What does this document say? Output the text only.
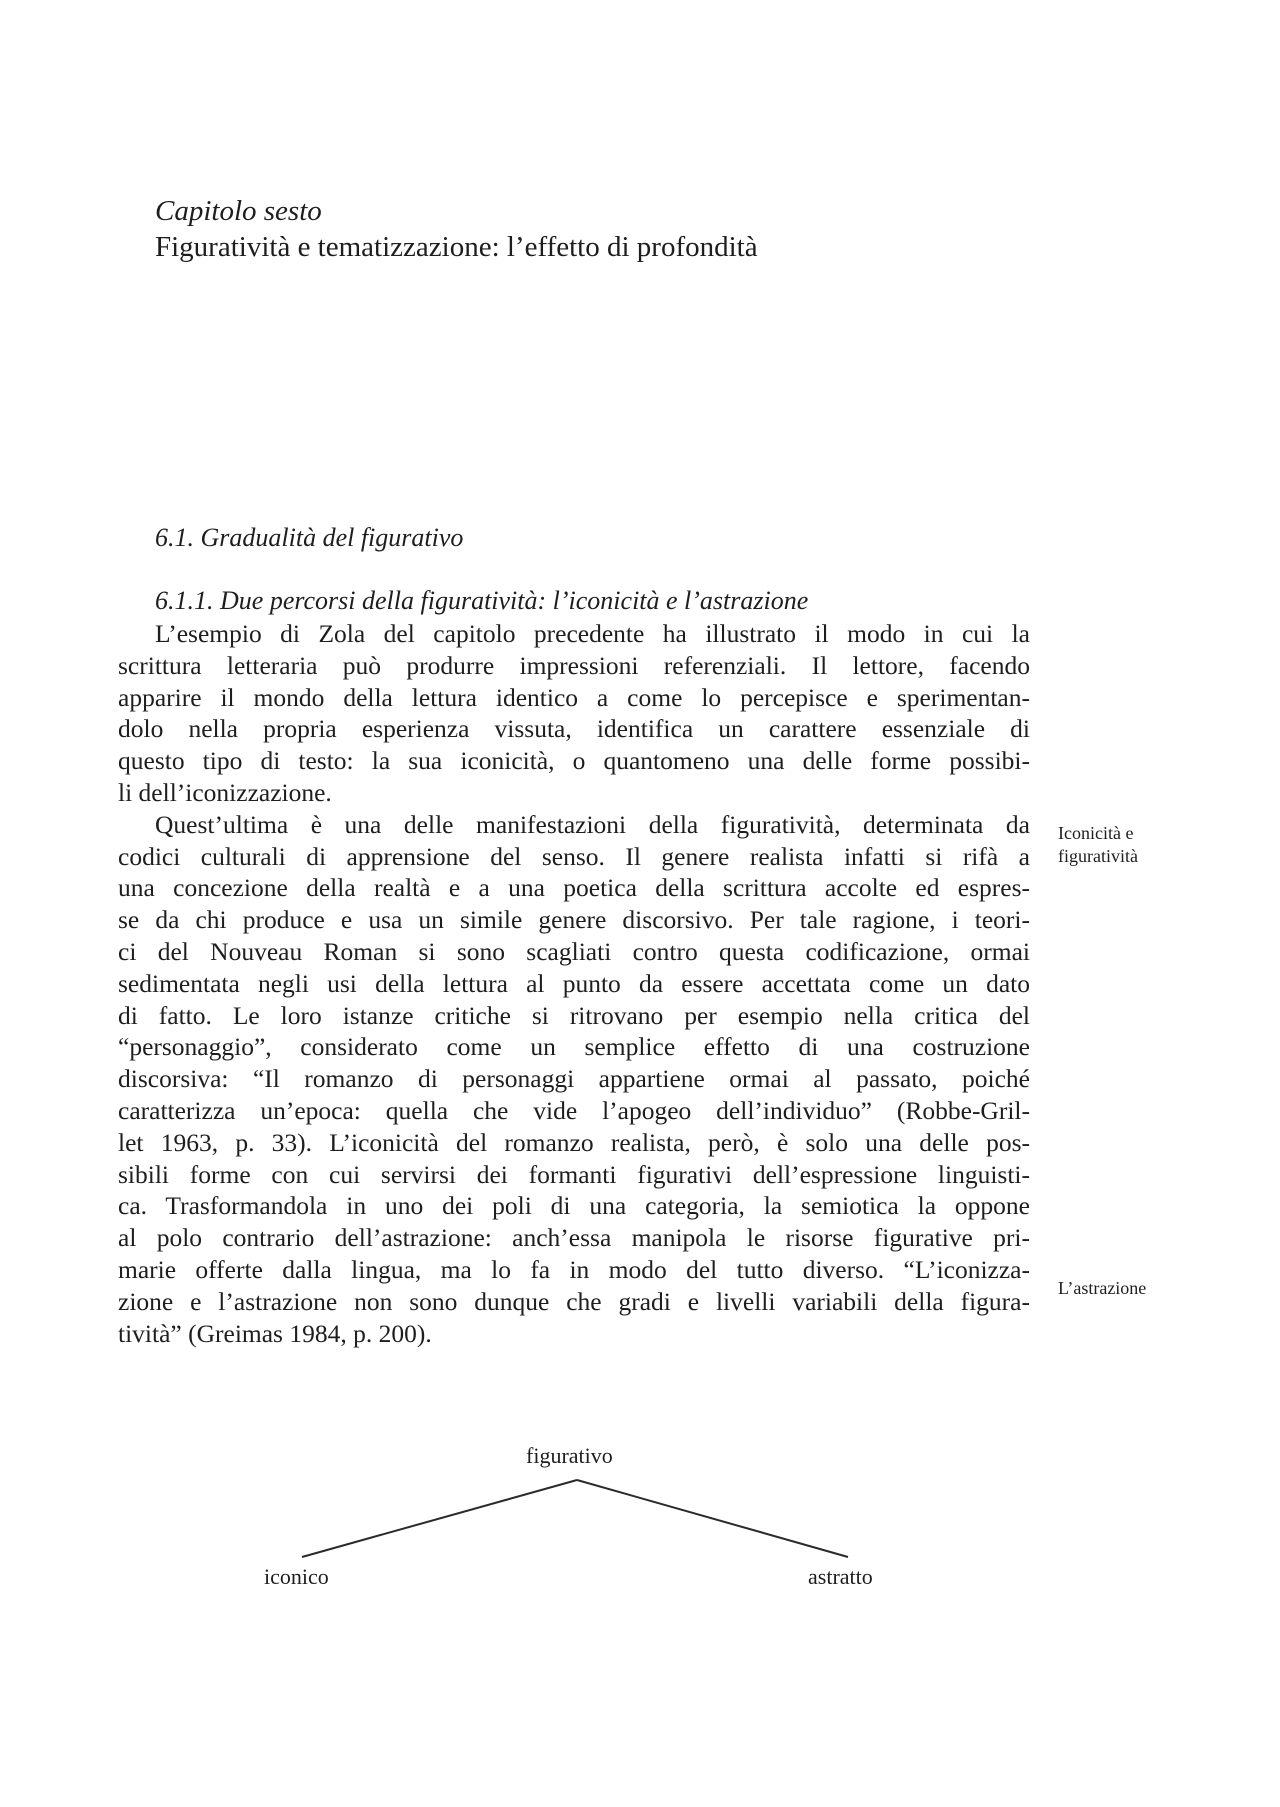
Capitolo sesto
Figuratività e tematizzazione: l’effetto di profondità
6.1. Gradualità del figurativo
6.1.1. Due percorsi della figuratività: l’iconicità e l’astrazione
L’esempio di Zola del capitolo precedente ha illustrato il modo in cui la
scrittura letteraria può produrre impressioni referenziali. Il lettore, facendo
apparire il mondo della lettura identico a come lo percepisce e sperimentan-
dolo nella propria esperienza vissuta, identifica un carattere essenziale di
questo tipo di testo: la sua iconicità, o quantomeno una delle forme possibi-
li dell’iconizzazione.
Quest’ultima è una delle manifestazioni della figuratività, determinata da
codici culturali di apprensione del senso. Il genere realista infatti si rifà a
una concezione della realtà e a una poetica della scrittura accolte ed espres-
se da chi produce e usa un simile genere discorsivo. Per tale ragione, i teori-
ci del Nouveau Roman si sono scagliati contro questa codificazione, ormai
sedimentata negli usi della lettura al punto da essere accettata come un dato
di fatto. Le loro istanze critiche si ritrovano per esempio nella critica del
“personaggio”, considerato come un semplice effetto di una costruzione
discorsiva: “Il romanzo di personaggi appartiene ormai al passato, poiché
caratterizza un’epoca: quella che vide l’apogeo dell’individuo” (Robbe-Gril-
let 1963, p. 33). L’iconicità del romanzo realista, però, è solo una delle pos-
sibili forme con cui servirsi dei formanti figurativi dell’espressione linguisti-
ca. Trasformandola in uno dei poli di una categoria, la semiotica la oppone
al polo contrario dell’astrazione: anch’essa manipola le risorse figurative pri-
marie offerte dalla lingua, ma lo fa in modo del tutto diverso. “L’iconizza-
zione e l’astrazione non sono dunque che gradi e livelli variabili della figura-
tività” (Greimas 1984, p. 200).
Iconicità e
figuratività
L’astrazione
figurativo
iconico	astratto
